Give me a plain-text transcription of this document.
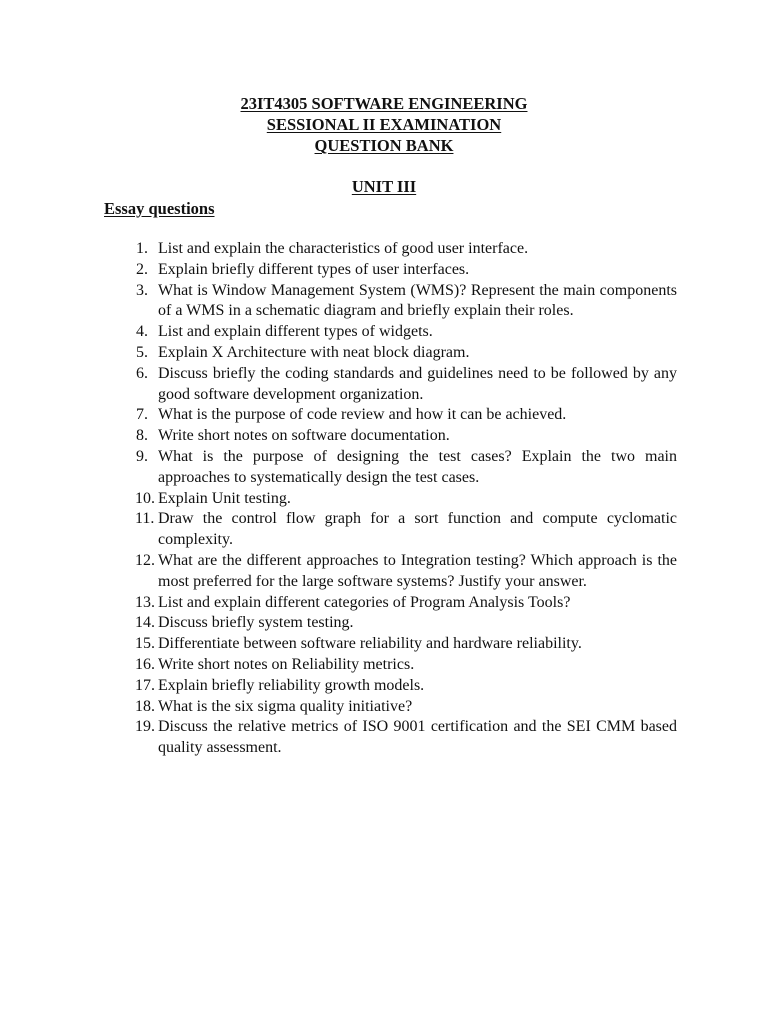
23IT4305 SOFTWARE ENGINEERING
SESSIONAL II EXAMINATION
QUESTION BANK
UNIT III
Essay questions
1. List and explain the characteristics of good user interface.
2. Explain briefly different types of user interfaces.
3. What is Window Management System (WMS)? Represent the main components of a WMS in a schematic diagram and briefly explain their roles.
4. List and explain different types of widgets.
5. Explain X Architecture with neat block diagram.
6. Discuss briefly the coding standards and guidelines need to be followed by any good software development organization.
7. What is the purpose of code review and how it can be achieved.
8. Write short notes on software documentation.
9. What is the purpose of designing the test cases? Explain the two main approaches to systematically design the test cases.
10. Explain Unit testing.
11. Draw the control flow graph for a sort function and compute cyclomatic complexity.
12. What are the different approaches to Integration testing? Which approach is the most preferred for the large software systems? Justify your answer.
13. List and explain different categories of Program Analysis Tools?
14. Discuss briefly system testing.
15. Differentiate between software reliability and hardware reliability.
16. Write short notes on Reliability metrics.
17. Explain briefly reliability growth models.
18. What is the six sigma quality initiative?
19. Discuss the relative metrics of ISO 9001 certification and the SEI CMM based quality assessment.
